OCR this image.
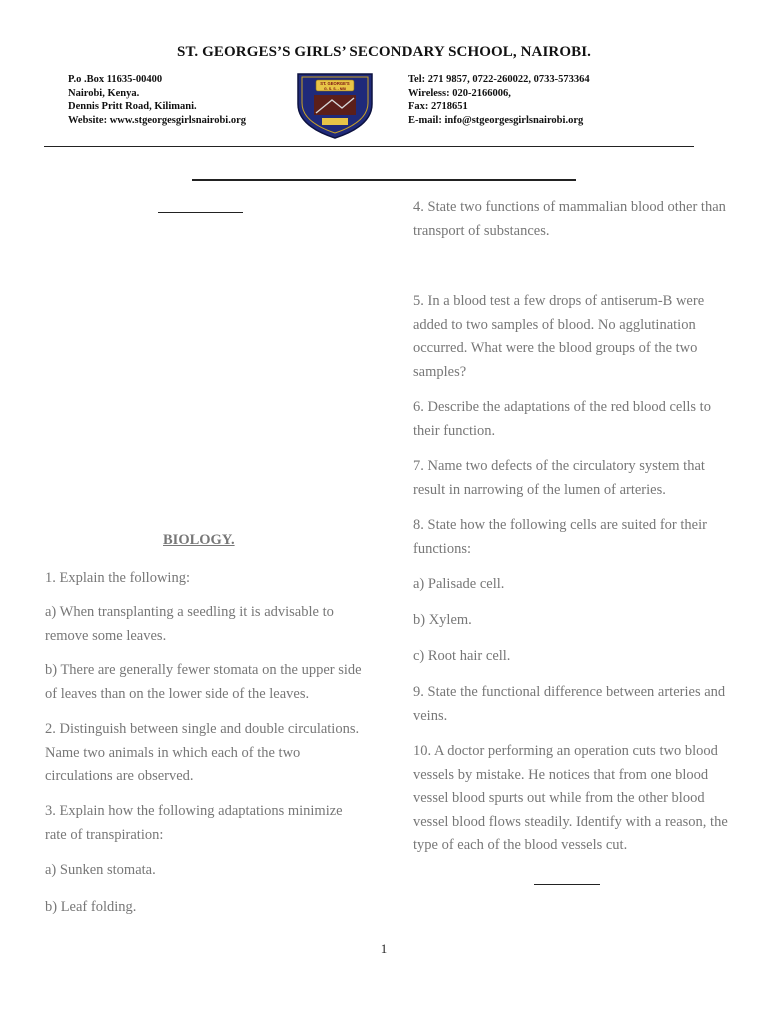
ST. GEORGES’S GIRLS’ SECONDARY SCHOOL, NAIROBI.
P.o .Box 11635-00400
Nairobi, Kenya.
Dennis Pritt Road, Kilimani.
Website: www.stgeorgesgirlsnairobi.org
ST. GEORGE'S
G. S. S. - NBI
Tel: 271 9857, 0722-260022, 0733-573364
Wireless: 020-2166006,
Fax: 2718651
E-mail: info@stgeorgesgirlsnairobi.org
BIOLOGY.
1. Explain the following:
a) When transplanting a seedling it is advisable to remove some leaves.
b) There are generally fewer stomata on the upper side of leaves than on the lower side of the leaves.
2. Distinguish between single and double circulations. Name two animals in which each of the two circulations are observed.
3. Explain how the following adaptations minimize rate of transpiration:
a) Sunken stomata.
b) Leaf folding.
4. State two functions of mammalian blood other than transport of substances.
5. In a blood test a few drops of antiserum-B were added to two samples of blood. No agglutination occurred. What were the blood groups of the two samples?
6. Describe the adaptations of the red blood cells to their function.
7. Name two defects of the circulatory system that result in narrowing of the lumen of arteries.
8. State how the following cells are suited for their functions:
a) Palisade cell.
b) Xylem.
c) Root hair cell.
9. State the functional difference between arteries and veins.
10. A doctor performing an operation cuts two blood vessels by mistake. He notices that from one blood vessel blood spurts out while from the other blood vessel blood flows steadily. Identify with a reason, the type of each of the blood vessels cut.
1
